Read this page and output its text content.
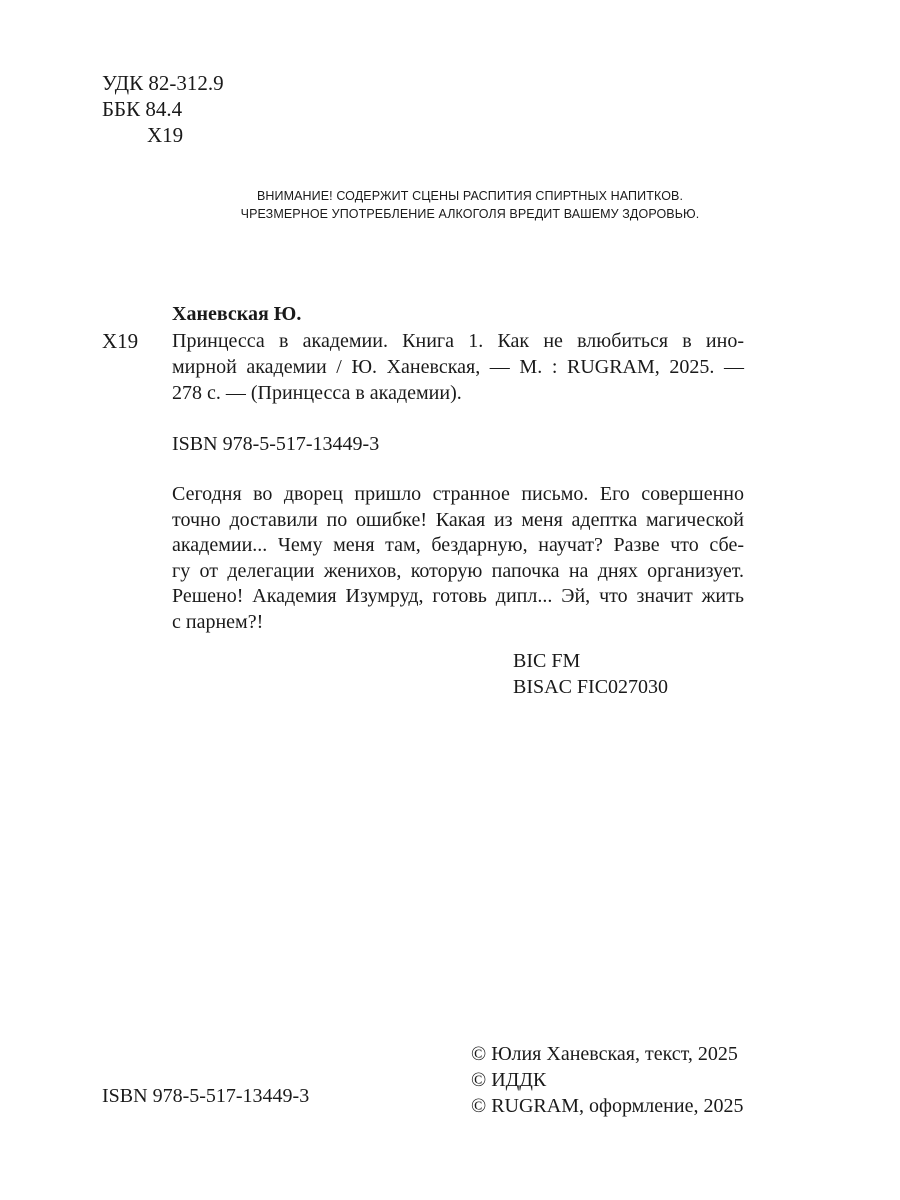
УДК 82-312.9
ББК 84.4
Х19
ВНИМАНИЕ! СОДЕРЖИТ СЦЕНЫ РАСПИТИЯ СПИРТНЫХ НАПИТКОВ.
ЧРЕЗМЕРНОЕ УПОТРЕБЛЕНИЕ АЛКОГОЛЯ ВРЕДИТ ВАШЕМУ ЗДОРОВЬЮ.
Ханевская Ю.
Х19 Принцесса в академии. Книга 1. Как не влюбиться в ино-
мирной академии / Ю. Ханевская, — М. : RUGRAM, 2025. —
278 с. — (Принцесса в академии).
ISBN 978-5-517-13449-3
Сегодня во дворец пришло странное письмо. Его совершенно
точно доставили по ошибке! Какая из меня адептка магической
академии... Чему меня там, бездарную, научат? Разве что сбе-
гу от делегации женихов, которую папочка на днях организует.
Решено! Академия Изумруд, готовь дипл... Эй, что значит жить
с парнем?!
BIC FM
BISAC FIC027030
ISBN 978-5-517-13449-3
© Юлия Ханевская, текст, 2025
© ИДДК
© RUGRAM, оформление, 2025
